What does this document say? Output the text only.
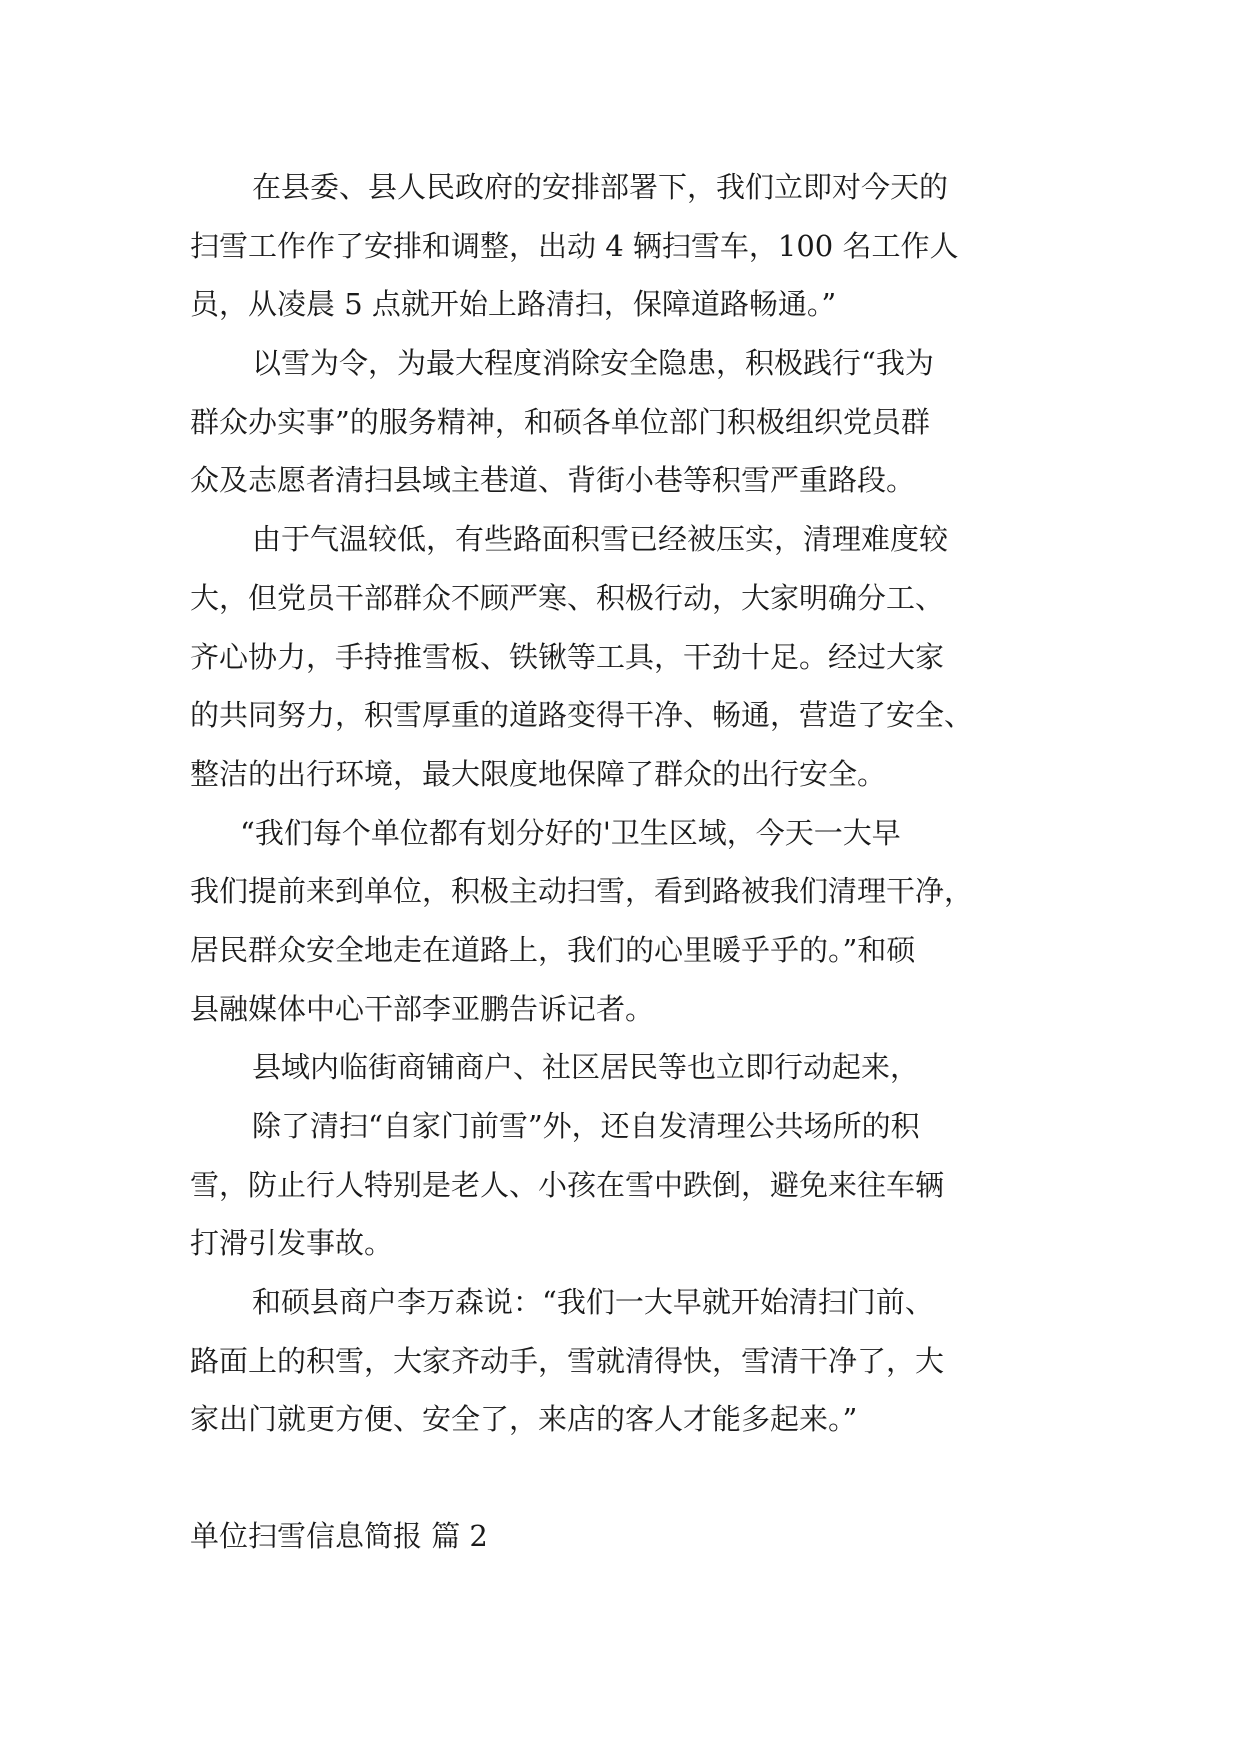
在县委、县人民政府的安排部署下，我们立即对今天的
扫雪工作作了安排和调整，出动 4 辆扫雪车，100 名工作人
员，从凌晨 5 点就开始上路清扫，保障道路畅通。”
以雪为令，为最大程度消除安全隐患，积极践行“我为
群众办实事”的服务精神，和硕各单位部门积极组织党员群
众及志愿者清扫县域主巷道、背街小巷等积雪严重路段。
由于气温较低，有些路面积雪已经被压实，清理难度较
大，但党员干部群众不顾严寒、积极行动，大家明确分工、
齐心协力，手持推雪板、铁锹等工具，干劲十足。经过大家
的共同努力，积雪厚重的道路变得干净、畅通，营造了安全、
整洁的出行环境，最大限度地保障了群众的出行安全。
“我们每个单位都有划分好的'卫生区域，今天一大早
我们提前来到单位，积极主动扫雪，看到路被我们清理干净，
居民群众安全地走在道路上，我们的心里暖乎乎的。”和硕
县融媒体中心干部李亚鹏告诉记者。
县域内临街商铺商户、社区居民等也立即行动起来，
除了清扫“自家门前雪”外，还自发清理公共场所的积
雪，防止行人特别是老人、小孩在雪中跌倒，避免来往车辆
打滑引发事故。
和硕县商户李万森说：“我们一大早就开始清扫门前、
路面上的积雪，大家齐动手，雪就清得快，雪清干净了，大
家出门就更方便、安全了，来店的客人才能多起来。”
单位扫雪信息简报 篇 2
